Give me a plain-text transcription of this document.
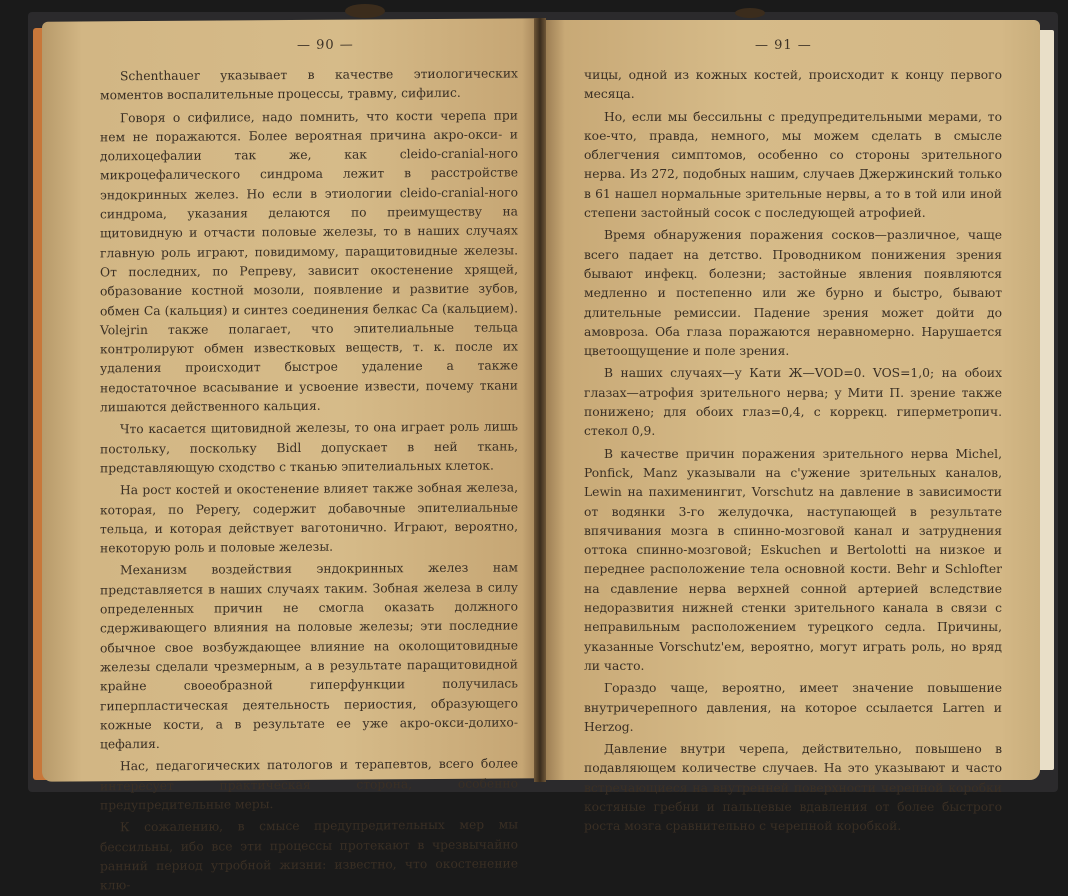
— 90 —

Schenthauer указывает в качестве этиологических моментов воспалительные процессы, травму, сифилис.

Говоря о сифилисе, надо помнить, что кости черепа при нем не поражаются. Более вероятная причина акро-окси- и долихоцефалии так же, как cleido-cranial-ного микроцефалического синдрома лежит в расстройстве эндокринных желез. Но если в этиологии cleido-cranial-ного синдрома, указания делаются по преимуществу на щитовидную и отчасти половые железы, то в наших случаях главную роль играют, повидимому, паращитовидные железы. От последних, по Репреву, зависит окостенение хрящей, образование костной мозоли, появление и развитие зубов, обмен Са (кальция) и синтез соединения белкас Са (кальцием). Volejrin также полагает, что эпителиальные тельца контролируют обмен известковых веществ, т. к. после их удаления происходит быстрое удаление а также недостаточное всасывание и усвоение извести, почему ткани лишаются действенного кальция.

Что касается щитовидной железы, то она играет роль лишь постольку, поскольку Bidl допускает в ней ткань, представляющую сходство с тканью эпителиальных клеток.

На рост костей и окостенение влияет также зобная железа, которая, по Pepery, содержит добавочные эпителиальные тельца, и которая действует ваготонично. Играют, вероятно, некоторую роль и половые железы.

Механизм воздействия эндокринных желез нам представляется в наших случаях таким. Зобная железа в силу определенных причин не смогла оказать должного сдерживающего влияния на половые железы; эти последние обычное свое возбуждающее влияние на околощитовидные железы сделали чрезмерным, а в результате паращитовидной крайне своеобразной гиперфункции получилась гиперпластическая деятельность периостия, образующего кожные кости, а в результате ее уже акро-окси-долихо-цефалия.

Нас, педагогических патологов и терапевтов, всего более интересует практическая сторона, особенно предупредительные меры.

К сожалению, в смысе предупредительных мер мы бессильны, ибо все эти процессы протекают в чрезвычайно ранний период утробной жизни: известно, что окостенение клю-

— 91 —

чицы, одной из кожных костей, происходит к концу первого месяца.

Но, если мы бессильны с предупредительными мерами, то кое-что, правда, немного, мы можем сделать в смысле облегчения симптомов, особенно со стороны зрительного нерва. Из 272, подобных нашим, случаев Джержинский только в 61 нашел нормальные зрительные нервы, а то в той или иной степени застойный сосок с последующей атрофией.

Время обнаружения поражения сосков—различное, чаще всего падает на детство. Проводником понижения зрения бывают инфекц. болезни; застойные явления появляются медленно и постепенно или же бурно и быстро, бывают длительные ремиссии. Падение зрения может дойти до амовроза. Оба глаза поражаются неравномерно. Нарушается цветоощущение и поле зрения.

В наших случаях—у Кати Ж—VOD=0. VOS=1,0; на обоих глазах—атрофия зрительного нерва; у Мити П. зрение также понижено; для обоих глаз=0,4, с коррекц. гиперметропич. стекол 0,9.

В качестве причин поражения зрительного нерва Michel, Ponfick, Manz указывали на с'ужение зрительных каналов, Lewin на пахименингит, Vorschutz на давление в зависимости от водянки 3-го желудочка, наступающей в результате впячивания мозга в спинно-мозговой канал и затруднения оттока спинно-мозговой; Eskuchen и Bertolotti на низкое и переднее расположение тела основной кости. Behr и Schlofter на сдавление нерва верхней сонной артерией вследствие недоразвития нижней стенки зрительного канала в связи с неправильным расположением турецкого седла. Причины, указанные Vorschutz'ем, вероятно, могут играть роль, но вряд ли часто.

Гораздо чаще, вероятно, имеет значение повышение внутричерепного давления, на которое ссылается Larren и Herzog.

Давление внутри черепа, действительно, повышено в подавляющем количестве случаев. На это указывают и часто встречающиеся на внутренней поверхности черепной коробки костяные гребни и пальцевые вдавления от более быстрого роста мозга сравнительно с черепной коробкой.
